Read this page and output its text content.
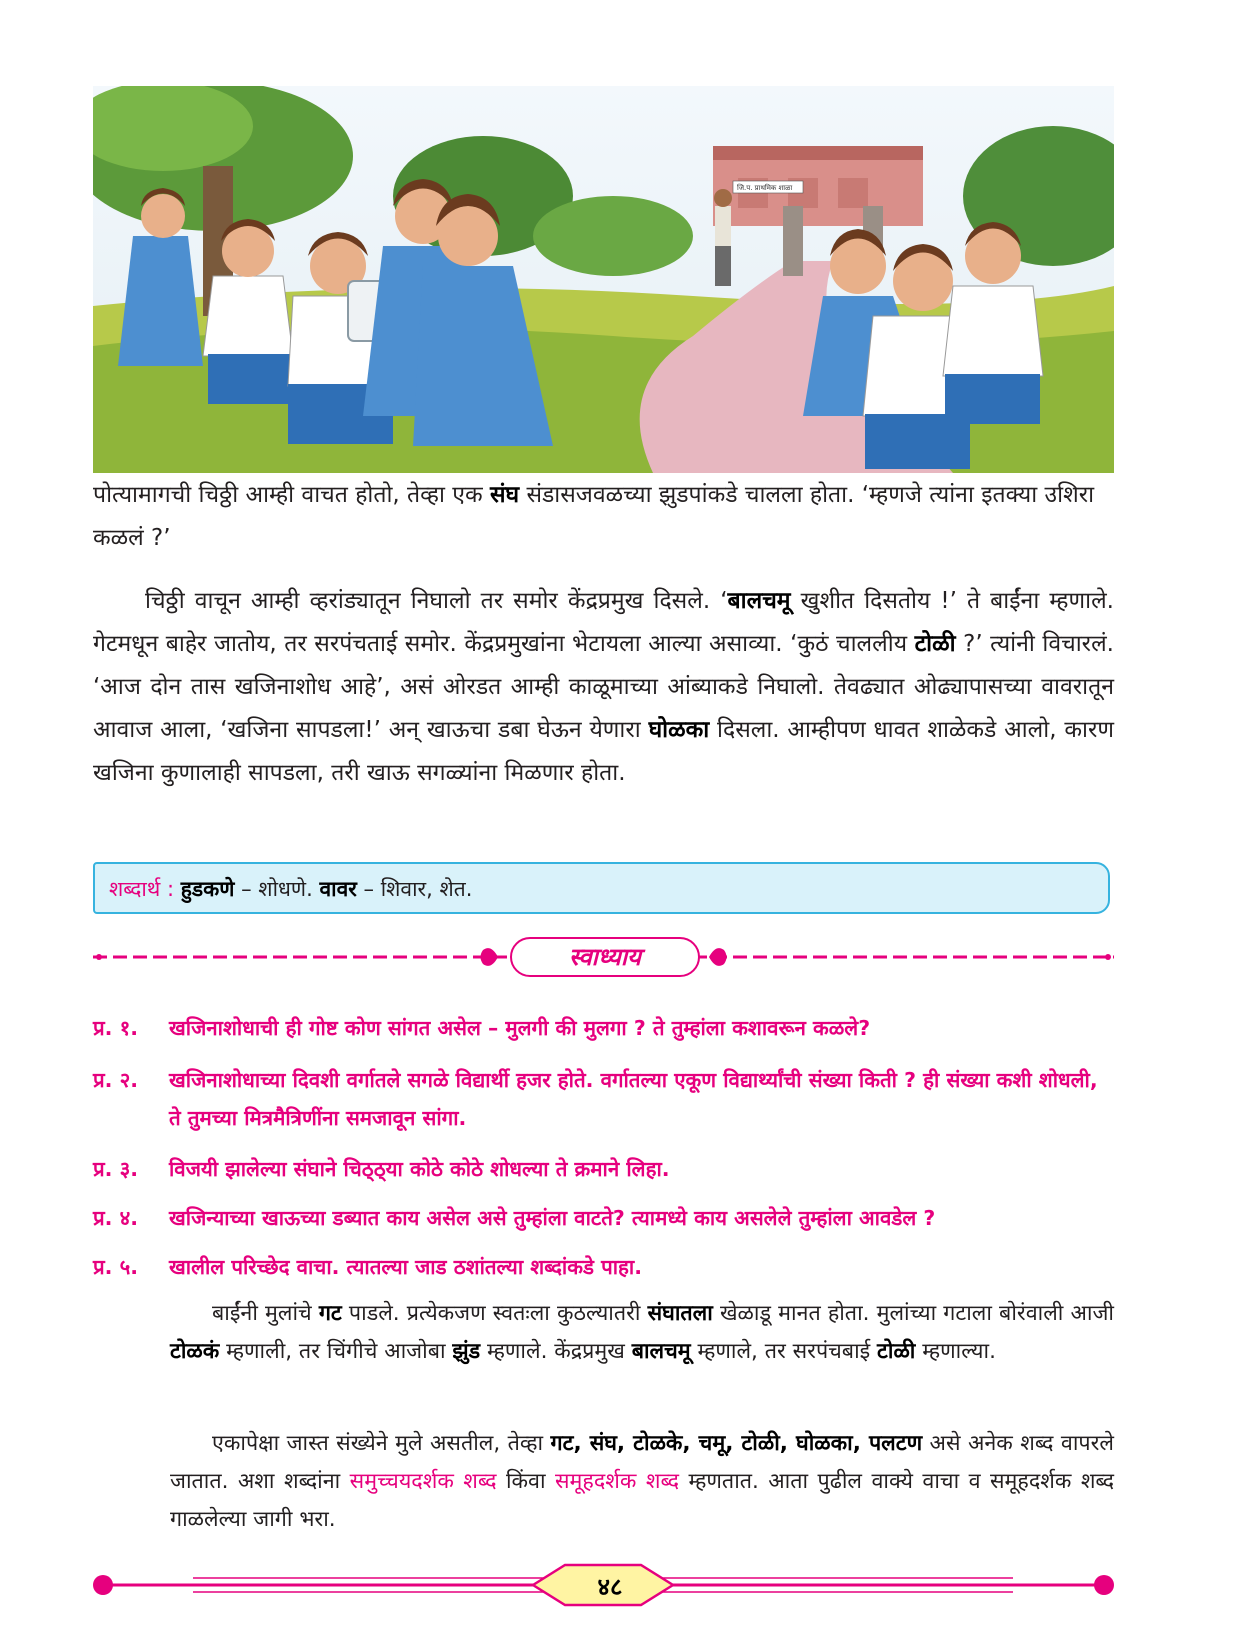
जि.प. प्राथमिक शाळा

पोत्यामागची चिठ्ठी आम्ही वाचत होतो, तेव्हा एक संघ संडासजवळच्या झुडपांकडे चालला होता. ‘म्हणजे त्यांना इतक्या उशिरा कळलं ?’

चिठ्ठी वाचून आम्ही व्हरांड्यातून निघालो तर समोर केंद्रप्रमुख दिसले. ‘बालचमू खुशीत दिसतोय !’ ते बाईंना म्हणाले. गेटमधून बाहेर जातोय, तर सरपंचताई समोर. केंद्रप्रमुखांना भेटायला आल्या असाव्या. ‘कुठं चाललीय टोळी ?’ त्यांनी विचारलं. ‘आज दोन तास खजिनाशोध आहे’, असं ओरडत आम्ही काळूमाच्या आंब्याकडे निघालो. तेवढ्यात ओढ्यापासच्या वावरातून आवाज आला, ‘खजिना सापडला!’ अन् खाऊचा डबा घेऊन येणारा घोळका दिसला. आम्हीपण धावत शाळेकडे आलो, कारण खजिना कुणालाही सापडला, तरी खाऊ सगळ्यांना मिळणार होता.

शब्दार्थ : हुडकणे – शोधणे. वावर – शिवार, शेत.
स्वाध्याय
प्र. १.	खजिनाशोधाची ही गोष्ट कोण सांगत असेल – मुलगी की मुलगा ? ते तुम्हांला कशावरून कळले?
प्र. २.	खजिनाशोधाच्या दिवशी वर्गातले सगळे विद्यार्थी हजर होते. वर्गातल्या एकूण विद्यार्थ्यांची संख्या किती ? ही संख्या कशी शोधली, ते तुमच्या मित्रमैत्रिणींना समजावून सांगा.
प्र. ३.	विजयी झालेल्या संघाने चिठ्ठ्या कोठे कोठे शोधल्या ते क्रमाने लिहा.
प्र. ४.	खजिन्याच्या खाऊच्या डब्यात काय असेल असे तुम्हांला वाटते? त्यामध्ये काय असलेले तुम्हांला आवडेल ?
प्र. ५.	खालील परिच्छेद वाचा. त्यातल्या जाड ठशांतल्या शब्दांकडे पाहा.

बाईंनी मुलांचे गट पाडले. प्रत्येकजण स्वतःला कुठल्यातरी संघातला खेळाडू मानत होता. मुलांच्या गटाला बोरंवाली आजी टोळकं म्हणाली, तर चिंगीचे आजोबा झुंड म्हणाले. केंद्रप्रमुख बालचमू म्हणाले, तर सरपंचबाई टोळी म्हणाल्या.

एकापेक्षा जास्त संख्येने मुले असतील, तेव्हा गट, संघ, टोळके, चमू, टोळी, घोळका, पलटण असे अनेक शब्द वापरले जातात. अशा शब्दांना समुच्चयदर्शक शब्द किंवा समूहदर्शक शब्द म्हणतात. आता पुढील वाक्ये वाचा व समूहदर्शक शब्द गाळलेल्या जागी भरा.

४८
